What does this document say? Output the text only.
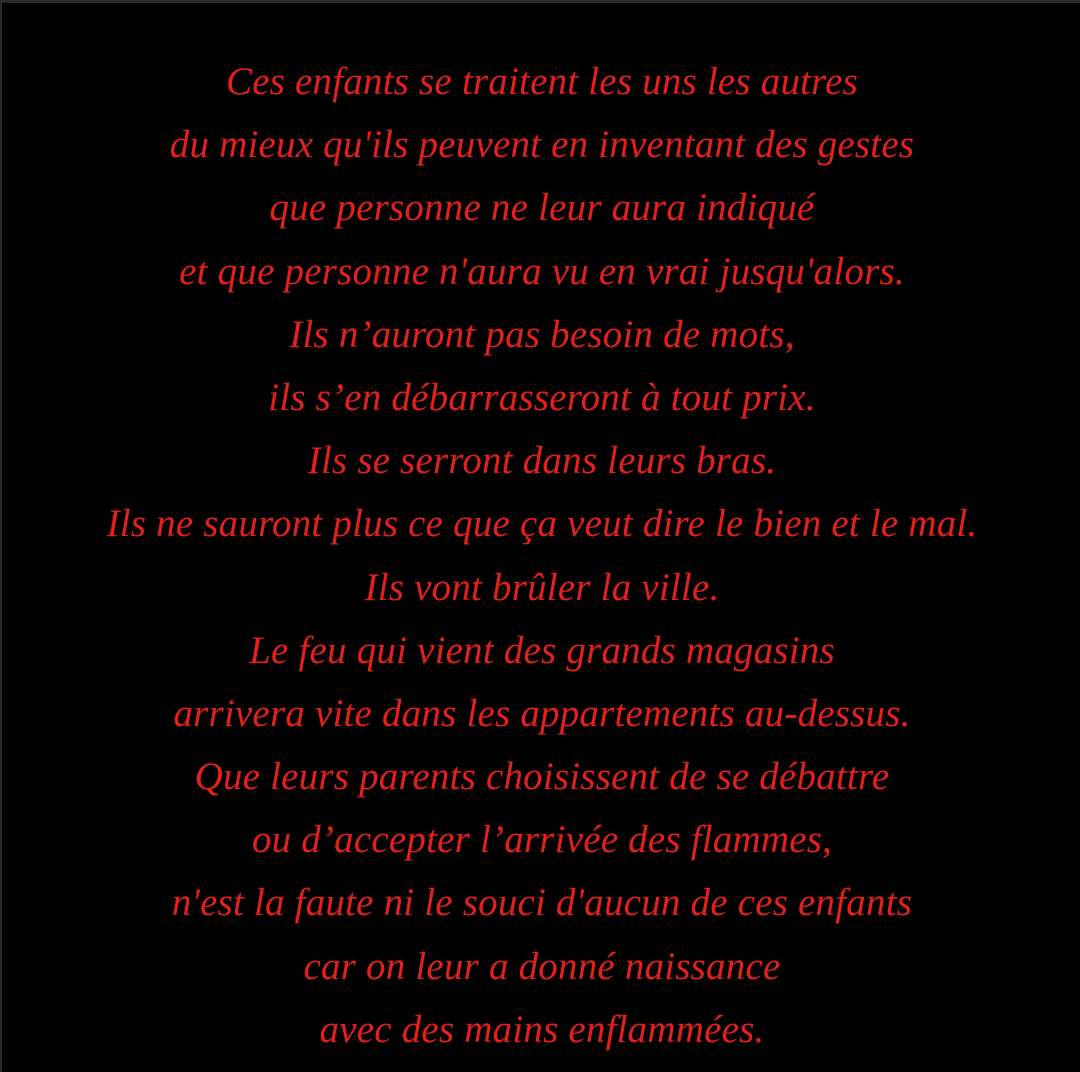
Ces enfants se traitent les uns les autres
du mieux qu'ils peuvent en inventant des gestes
que personne ne leur aura indiqué
et que personne n'aura vu en vrai jusqu'alors.
Ils n’auront pas besoin de mots,
ils s’en débarrasseront à tout prix.
Ils se serront dans leurs bras.
Ils ne sauront plus ce que ça veut dire le bien et le mal.
Ils vont brûler la ville.
Le feu qui vient des grands magasins
arrivera vite dans les appartements au-dessus.
Que leurs parents choisissent de se débattre
ou d’accepter l’arrivée des flammes,
n'est la faute ni le souci d'aucun de ces enfants
car on leur a donné naissance
avec des mains enflammées.
